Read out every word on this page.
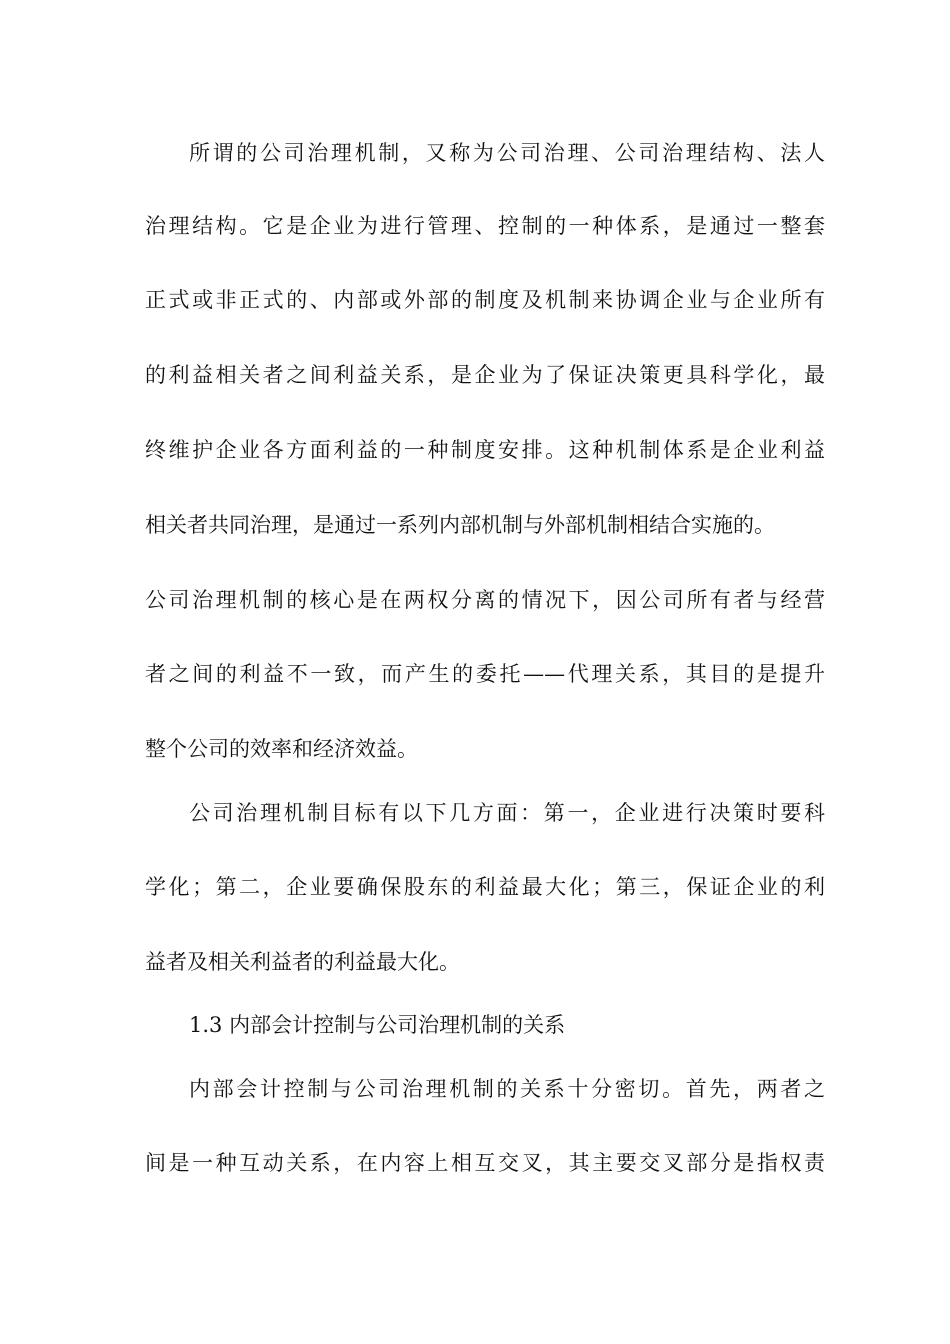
所谓的公司治理机制，又称为公司治理、公司治理结构、法人
治理结构。它是企业为进行管理、控制的一种体系，是通过一整套
正式或非正式的、内部或外部的制度及机制来协调企业与企业所有
的利益相关者之间利益关系，是企业为了保证决策更具科学化，最
终维护企业各方面利益的一种制度安排。这种机制体系是企业利益
相关者共同治理，是通过一系列内部机制与外部机制相结合实施的。
公司治理机制的核心是在两权分离的情况下，因公司所有者与经营
者之间的利益不一致，而产生的委托——代理关系，其目的是提升
整个公司的效率和经济效益。
公司治理机制目标有以下几方面：第一，企业进行决策时要科
学化；第二，企业要确保股东的利益最大化；第三，保证企业的利
益者及相关利益者的利益最大化。
1.3 内部会计控制与公司治理机制的关系
内部会计控制与公司治理机制的关系十分密切。首先，两者之
间是一种互动关系，在内容上相互交叉，其主要交叉部分是指权责
